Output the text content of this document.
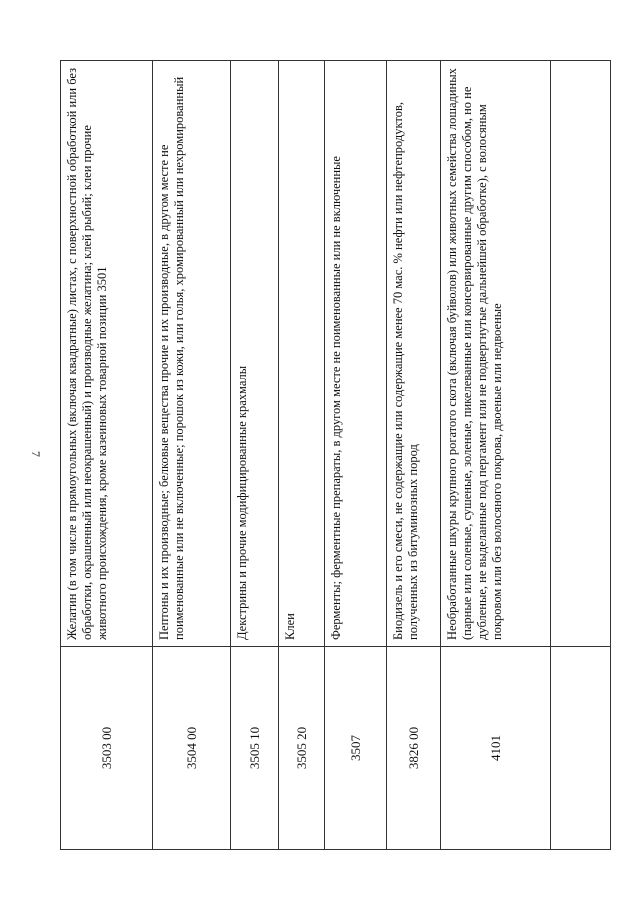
7
3503 00	Желатин (в том числе в прямоугольных (включая квадратные) листах, с поверхностной обработкой или без обработки, окрашенный или неокрашенный) и производные желатина; клей рыбий; клеи прочие животного происхождения, кроме казеиновых товарной позиции 3501
3504 00	Пептоны и их производные; белковые вещества прочие и их производные, в другом месте не поименованные или не включенные; порошок из кожи, или голья, хромированный или нехромированный
3505 10	Декстрины и прочие модифицированные крахмалы
3505 20	Клеи
3507	Ферменты; ферментные препараты, в другом месте не поименованные или не включенные
3826 00	Биодизель и его смеси, не содержащие или содержащие менее 70 мас. % нефти или нефтепродуктов, полученных из битуминозных пород
4101	Необработанные шкуры крупного рогатого скота (включая буйволов) или животных семейства лошадиных (парные или соленые, сушеные, золеные, пикелеванные или консервированные другим способом, но не дубленые, не выделанные под пергамент или не подвергнутые дальнейшей обработке), с волосяным покровом или без волосяного покрова, двоеные или недвоеные
